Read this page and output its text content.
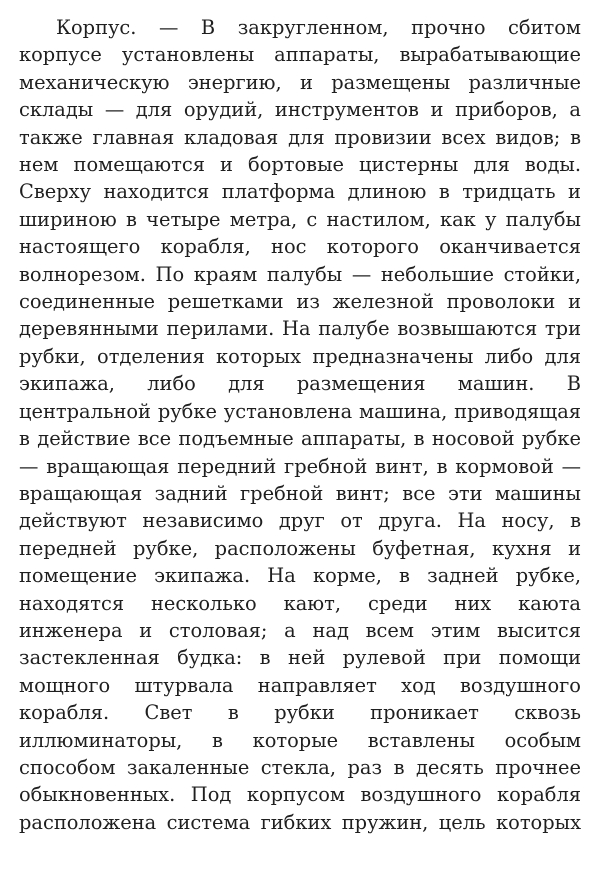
Корпус. — В закругленном, прочно сбитом корпусе установлены аппараты, вырабатывающие механическую энергию, и размещены различные склады — для орудий, инструментов и приборов, а также главная кладовая для провизии всех видов; в нем помещаются и бортовые цистерны для воды. Сверху находится платформа длиною в тридцать и шириною в четыре метра, с настилом, как у палубы настоящего корабля, нос которого оканчивается волнорезом. По краям палубы — небольшие стойки, соединенные решетками из железной проволоки и деревянными перилами. На палубе возвышаются три рубки, отделения которых предназначены либо для экипажа, либо для размещения машин. В центральной рубке установлена машина, приводящая в действие все подъемные аппараты, в носовой рубке — вращающая передний гребной винт, в кормовой — вращающая задний гребной винт; все эти машины действуют независимо друг от друга. На носу, в передней рубке, расположены буфетная, кухня и помещение экипажа. На корме, в задней рубке, находятся несколько кают, среди них каюта инженера и столовая; а над всем этим высится застекленная будка: в ней рулевой при помощи мощного штурвала направляет ход воздушного корабля. Свет в рубки проникает сквозь иллюминаторы, в которые вставлены особым способом закаленные стекла, раз в десять прочнее обыкновенных. Под корпусом воздушного корабля расположена система гибких пружин, цель которых
